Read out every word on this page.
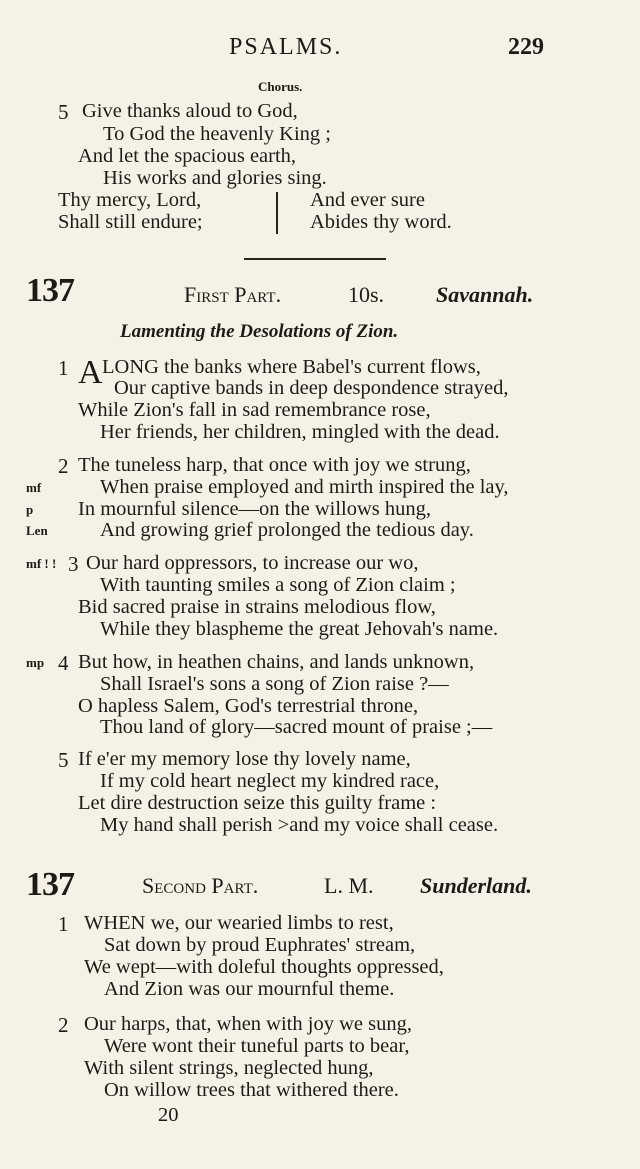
PSALMS.	229
Chorus.
5 Give thanks aloud to God,
To God the heavenly King ;
And let the spacious earth,
His works and glories sing.
Thy mercy, Lord,
Shall still endure;
And ever sure
Abides thy word.
137	First Part.	10s. Savannah.
Lamenting the Desolations of Zion.
1 A LONG the banks where Babel's current flows,
Our captive bands in deep despondence strayed,
While Zion's fall in sad remembrance rose,
Her friends, her children, mingled with the dead.
2 The tuneless harp, that once with joy we strung,
mf	When praise employed and mirth inspired the lay,
p In mournful silence—on the willows hung,
Len	And growing grief prolonged the tedious day.
mf ! ! 3 Our hard oppressors, to increase our wo,
With taunting smiles a song of Zion claim ;
Bid sacred praise in strains melodious flow,
While they blaspheme the great Jehovah's name.
mp 4 But how, in heathen chains, and lands unknown,
Shall Israel's sons a song of Zion raise ?—
O hapless Salem, God's terrestrial throne,
Thou land of glory—sacred mount of praise ;—
5 If e'er my memory lose thy lovely name,
If my cold heart neglect my kindred race,
Let dire destruction seize this guilty frame :
My hand shall perish >and my voice shall cease.
137	Second Part.	L. M. Sunderland.
1 WHEN we, our wearied limbs to rest,
Sat down by proud Euphrates' stream,
We wept—with doleful thoughts oppressed,
And Zion was our mournful theme.
2 Our harps, that, when with joy we sung,
Were wont their tuneful parts to bear,
With silent strings, neglected hung,
On willow trees that withered there.
20
